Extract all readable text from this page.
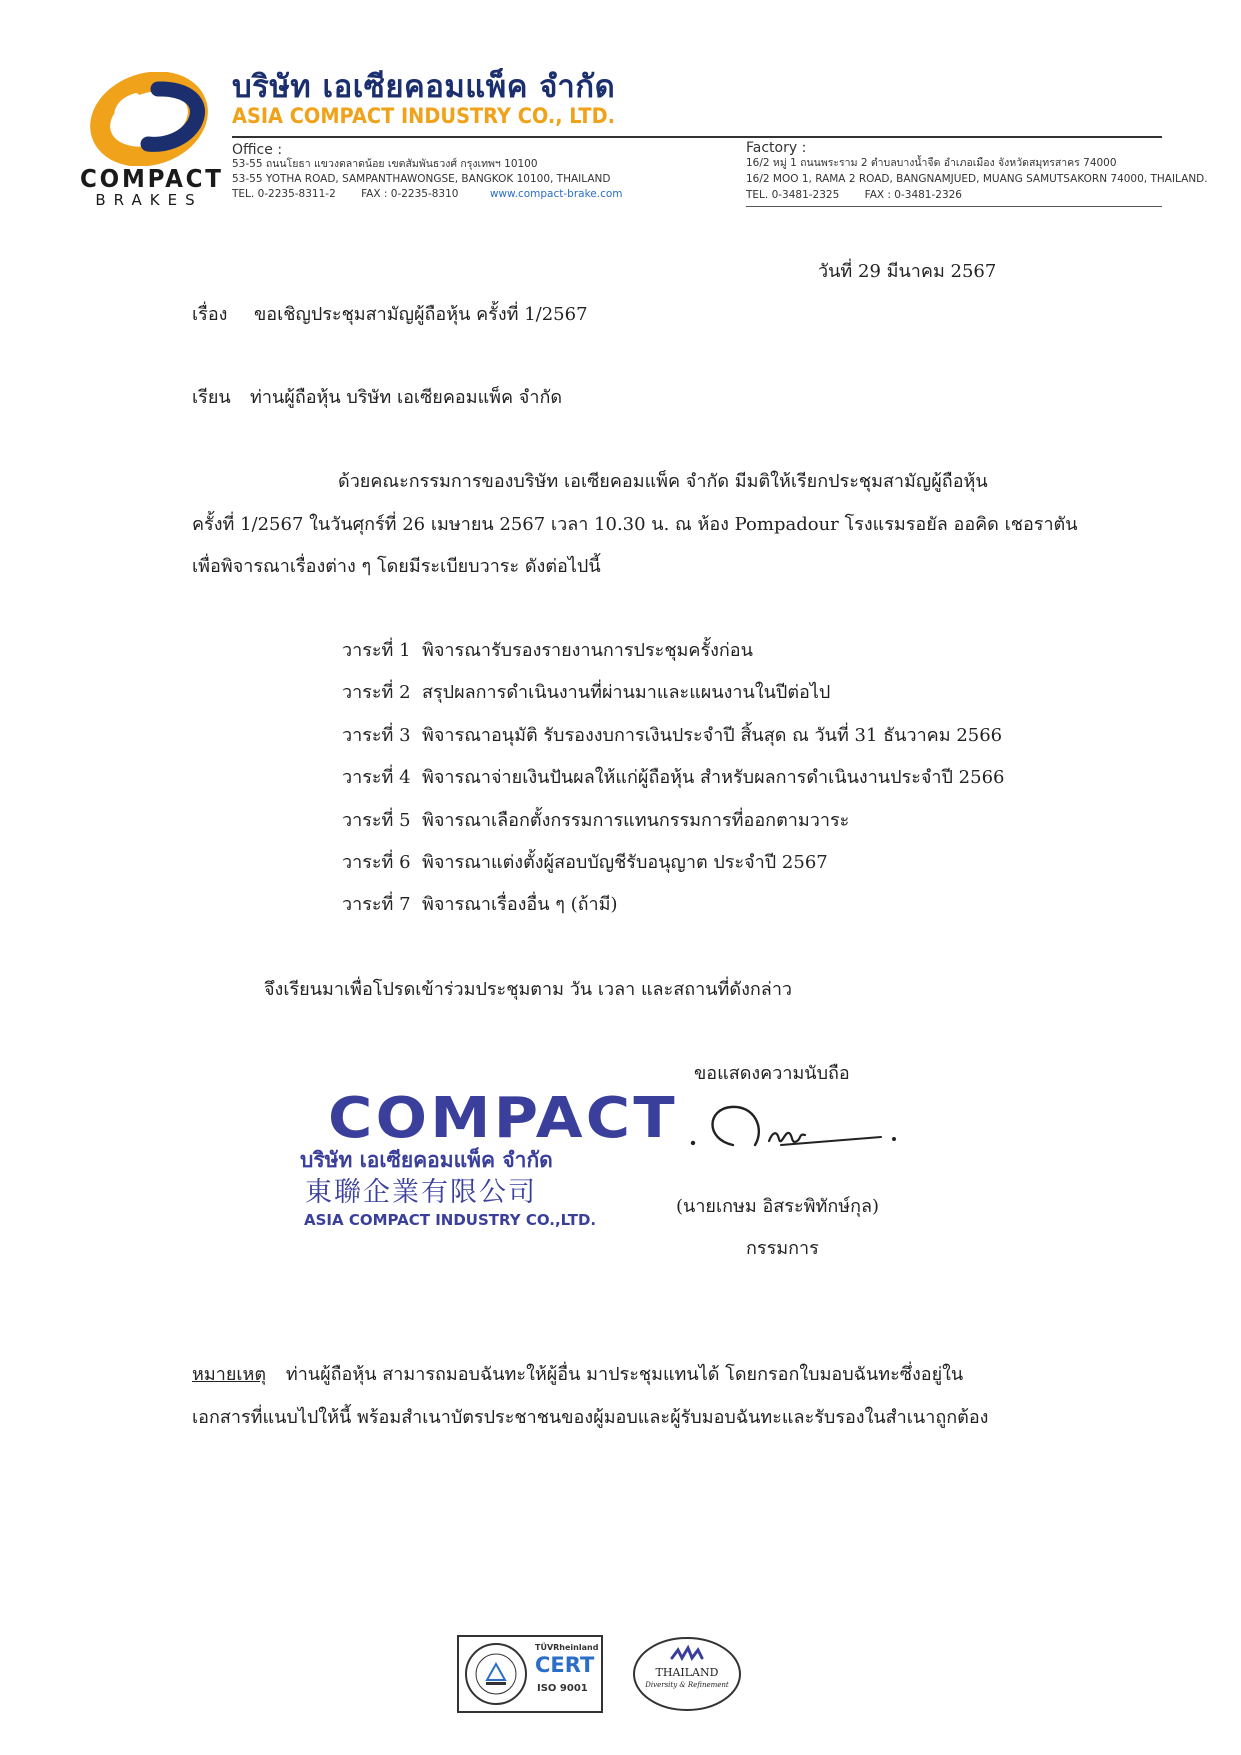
COMPACT
BRAKES
บริษัท เอเซียคอมแพ็ค จำกัด
ASIA COMPACT INDUSTRY CO., LTD.
Office :
53-55 ถนนโยธา แขวงตลาดน้อย เขตสัมพันธวงศ์ กรุงเทพฯ 10100
53-55 YOTHA ROAD, SAMPANTHAWONGSE, BANGKOK 10100, THAILAND
TEL. 0-2235-8311-2 FAX : 0-2235-8310	www.compact-brake.com
Factory :
16/2 หมู่ 1 ถนนพระราม 2 ตำบลบางน้ำจืด อำเภอเมือง จังหวัดสมุทรสาคร 74000
16/2 MOO 1, RAMA 2 ROAD, BANGNAMJUED, MUANG SAMUTSAKORN 74000, THAILAND.
TEL. 0-3481-2325 FAX : 0-3481-2326
วันที่ 29 มีนาคม 2567
เรื่อง ขอเชิญประชุมสามัญผู้ถือหุ้น ครั้งที่ 1/2567
เรียน ท่านผู้ถือหุ้น บริษัท เอเซียคอมแพ็ค จำกัด
ด้วยคณะกรรมการของบริษัท เอเซียคอมแพ็ค จำกัด มีมติให้เรียกประชุมสามัญผู้ถือหุ้น
ครั้งที่ 1/2567 ในวันศุกร์ที่ 26 เมษายน 2567 เวลา 10.30 น. ณ ห้อง Pompadour โรงแรมรอยัล ออคิด เชอราตัน
เพื่อพิจารณาเรื่องต่าง ๆ โดยมีระเบียบวาระ ดังต่อไปนี้
วาระที่ 1 พิจารณารับรองรายงานการประชุมครั้งก่อน
วาระที่ 2 สรุปผลการดำเนินงานที่ผ่านมาและแผนงานในปีต่อไป
วาระที่ 3 พิจารณาอนุมัติ รับรองงบการเงินประจำปี สิ้นสุด ณ วันที่ 31 ธันวาคม 2566
วาระที่ 4 พิจารณาจ่ายเงินปันผลให้แก่ผู้ถือหุ้น สำหรับผลการดำเนินงานประจำปี 2566
วาระที่ 5 พิจารณาเลือกตั้งกรรมการแทนกรรมการที่ออกตามวาระ
วาระที่ 6 พิจารณาแต่งตั้งผู้สอบบัญชีรับอนุญาต ประจำปี 2567
วาระที่ 7 พิจารณาเรื่องอื่น ๆ (ถ้ามี)
จึงเรียนมาเพื่อโปรดเข้าร่วมประชุมตาม วัน เวลา และสถานที่ดังกล่าว
ขอแสดงความนับถือ
(นายเกษม อิสระพิทักษ์กุล)
กรรมการ
COMPACT
บริษัท เอเซียคอมแพ็ค จำกัด
東聯企業有限公司
ASIA COMPACT INDUSTRY CO.,LTD.
หมายเหตุ ท่านผู้ถือหุ้น สามารถมอบฉันทะให้ผู้อื่น มาประชุมแทนได้ โดยกรอกใบมอบฉันทะซึ่งอยู่ใน
เอกสารที่แนบไปให้นี้ พร้อมสำเนาบัตรประชาชนของผู้มอบและผู้รับมอบฉันทะและรับรองในสำเนาถูกต้อง
TÜVRheinland
CERT
ISO 9001
THAILAND
Diversity & Refinement
